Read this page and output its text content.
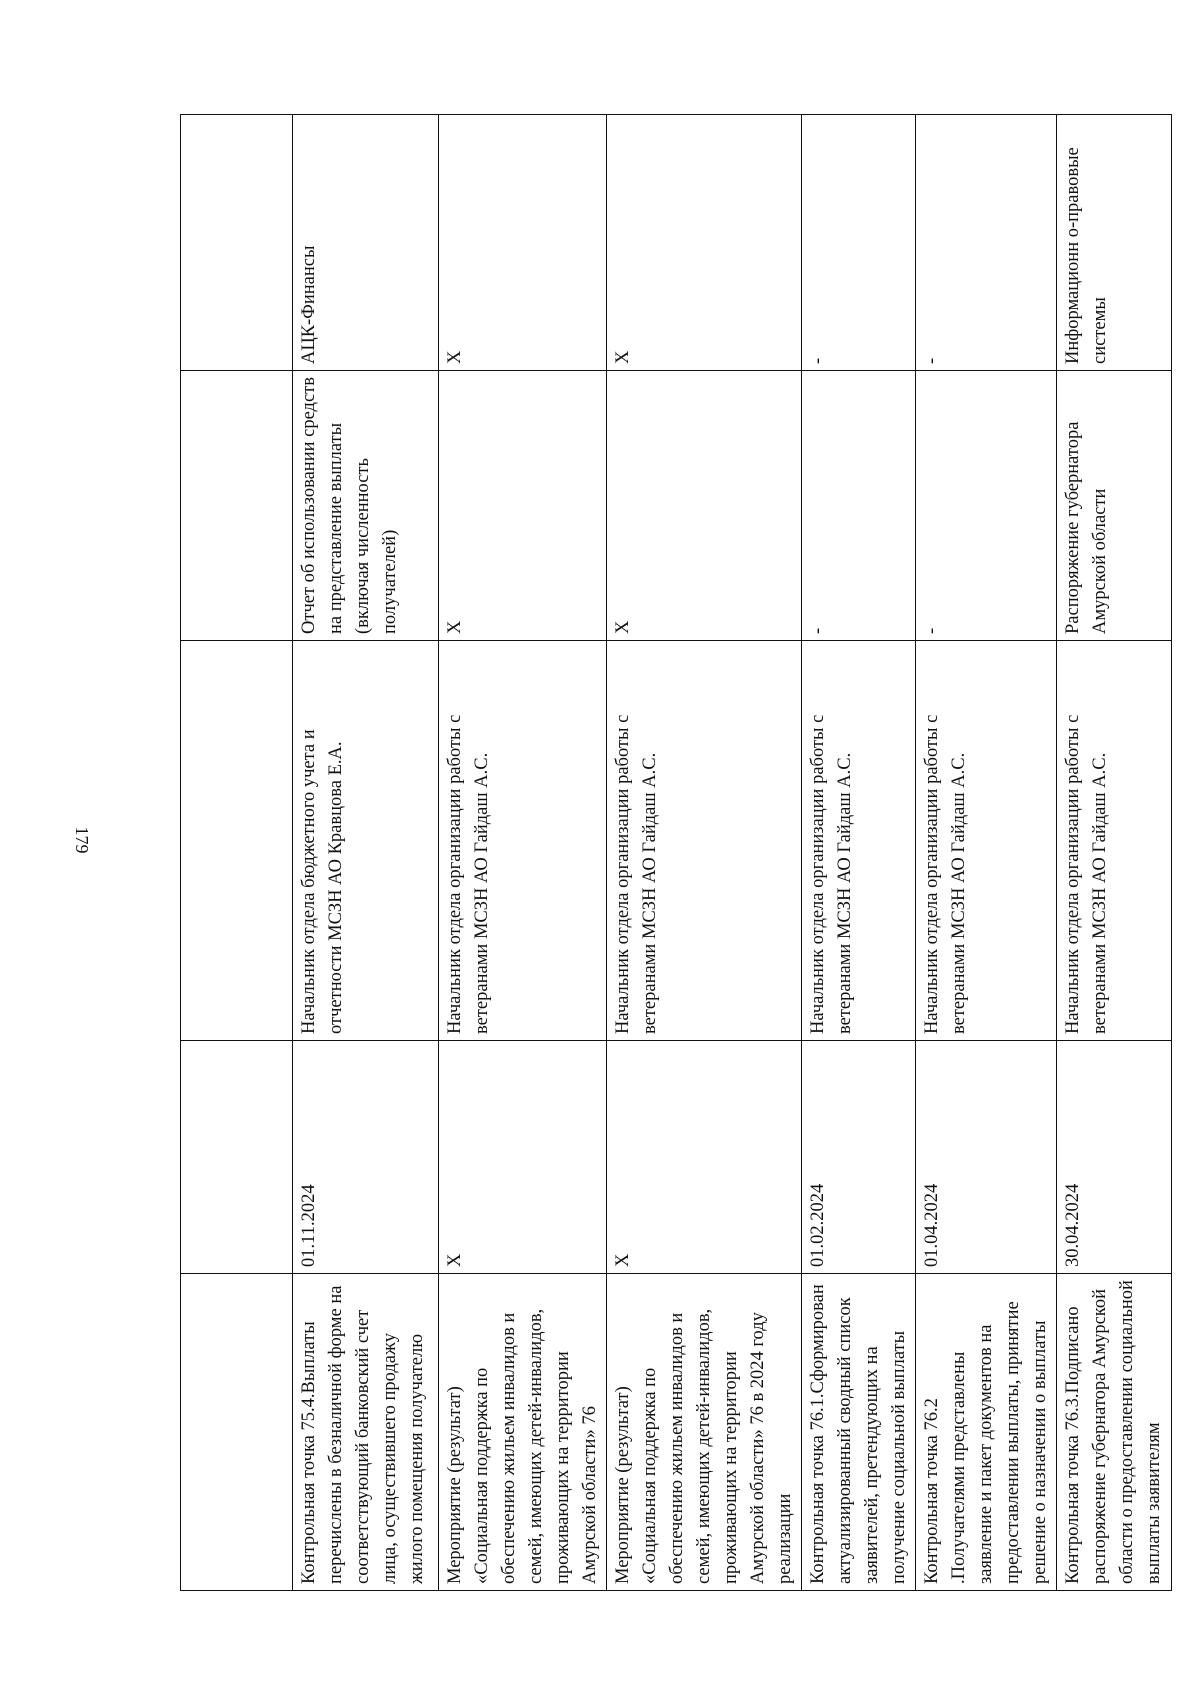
179

Контрольная точка 75.4.Выплаты перечислены в безналичной форме на соответствующий банковский счет лица, осуществившего продажу жилого помещения получателю	01.11.2024	Начальник отдела бюджетного учета и отчетности МСЗН АО Кравцова Е.А.	Отчет об использовании средств на представление выплаты (включая численность получателей)	АЦК-Финансы
Мероприятие (результат) «Социальная поддержка по обеспечению жильем инвалидов и семей, имеющих детей-инвалидов, проживающих на территории Амурской области» 76	Х	Начальник отдела организации работы с ветеранами МСЗН АО Гайдаш А.С.	Х	Х
Мероприятие (результат) «Социальная поддержка по обеспечению жильем инвалидов и семей, имеющих детей-инвалидов, проживающих на территории Амурской области» 76 в 2024 году реализации	Х	Начальник отдела организации работы с ветеранами МСЗН АО Гайдаш А.С.	Х	Х
Контрольная точка 76.1.Сформирован актуализированный сводный список заявителей, претендующих на получение социальной выплаты	01.02.2024	Начальник отдела организации работы с ветеранами МСЗН АО Гайдаш А.С.	-	-
Контрольная точка 76.2 .Получателями представлены заявление и пакет документов на предоставлении выплаты, принятие решение о назначении о выплаты	01.04.2024	Начальник отдела организации работы с ветеранами МСЗН АО Гайдаш А.С.	-	-
Контрольная точка 76.3.Подписано распоряжение губернатора Амурской области о предоставлении социальной выплаты заявителям	30.04.2024	Начальник отдела организации работы с ветеранами МСЗН АО Гайдаш А.С.	Распоряжение губернатора Амурской области	Информационн о-правовые системы
